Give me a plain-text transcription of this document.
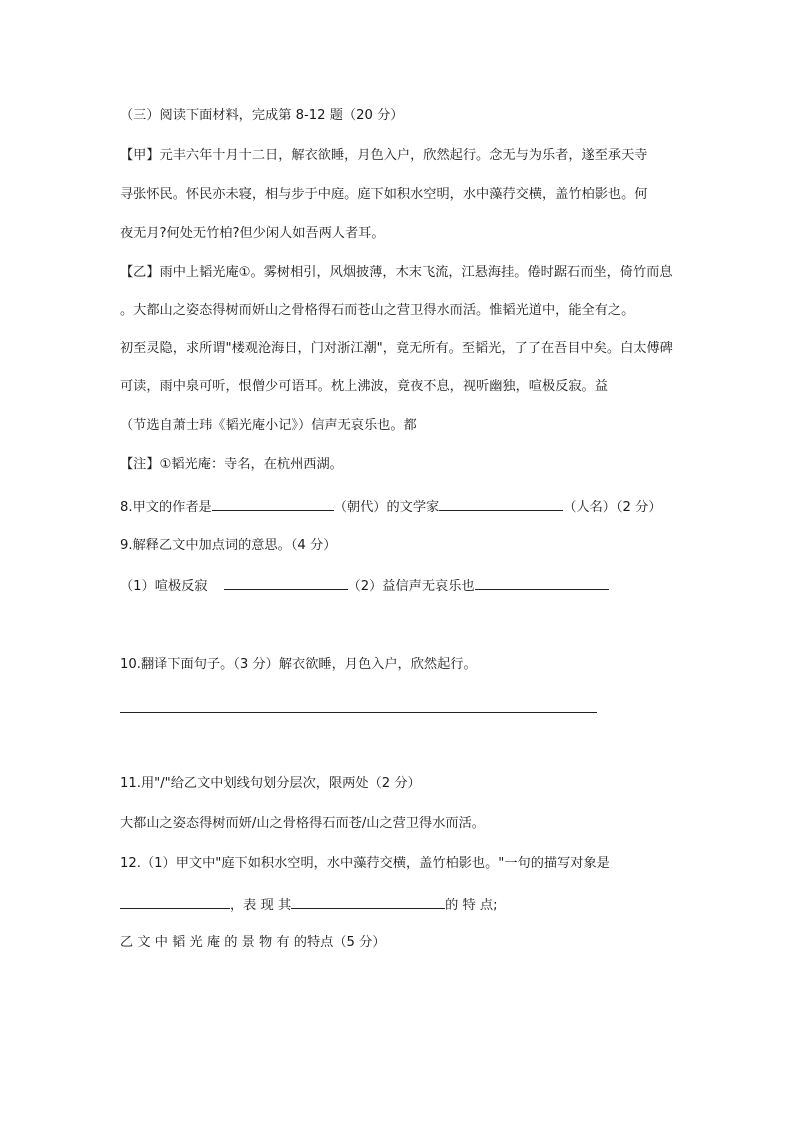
（三）阅读下面材料，完成第 8-12 题（20 分）
【甲】元丰六年十月十二日，解衣欲睡，月色入户，欣然起行。念无与为乐者，遂至承天寺
寻张怀民。怀民亦未寝，相与步于中庭。庭下如积水空明，水中藻荇交横，盖竹柏影也。何
夜无月?何处无竹柏?但少闲人如吾两人者耳。
【乙】雨中上韬光庵①。雾树相引，风烟披薄，木末飞流，江悬海挂。倦时踞石而坐，倚竹而息
。大都山之姿态得树而妍山之骨格得石而苍山之营卫得水而活。惟韬光道中，能全有之。
初至灵隐，求所谓"楼观沧海日，门对浙江潮"，竟无所有。至韬光，了了在吾目中矣。白太傅碑
可读，雨中泉可听，恨僧少可语耳。枕上沸波，竟夜不息，视听幽独，喧极反寂。益
（节选自萧士玮《韬光庵小记》）信声无哀乐也。都
【注】①韬光庵：寺名，在杭州西湖。
8.甲文的作者是	（朝代）的文学家	（人名）（2 分）
9.解释乙文中加点词的意思。（4 分）
（1）喧极反寂	（2）益信声无哀乐也
10.翻译下面句子。（3 分）解衣欲睡，月色入户，欣然起行。
11.用"/"给乙文中划线句划分层次，限两处（2 分）
大都山之姿态得树而妍/山之骨格得石而苍/山之营卫得水而活。
12.（1）甲文中"庭下如积水空明，水中藻荇交横，盖竹柏影也。"一句的描写对象是
，表 现 其	的 特 点;
乙 文 中 韬 光 庵 的 景 物 有 的特点（5 分）
